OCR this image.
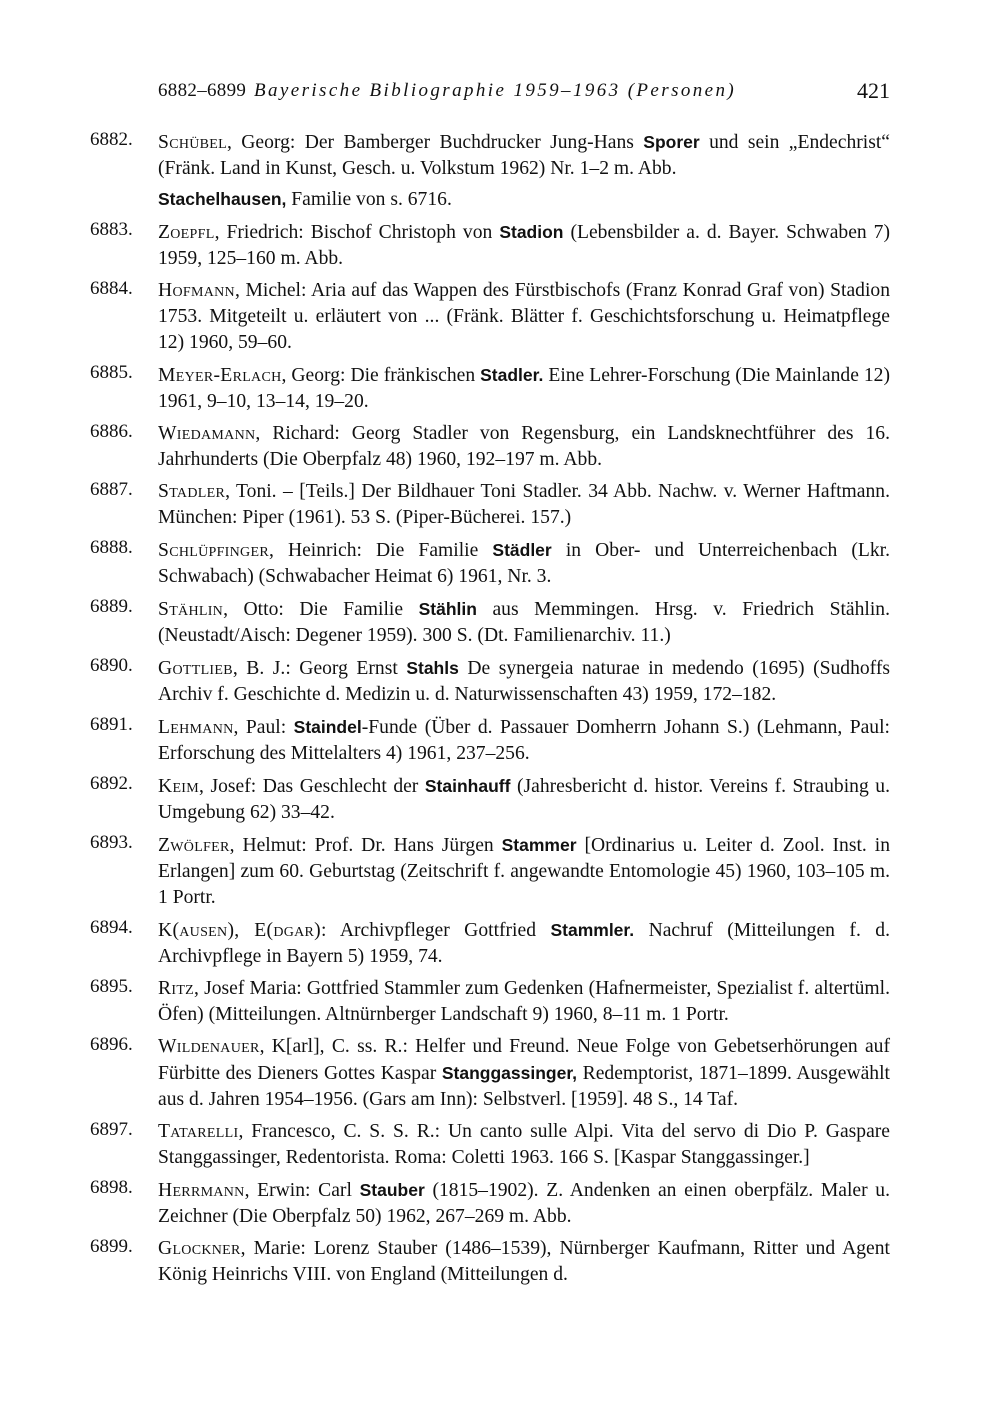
6882–6899 Bayerische Bibliographie 1959–1963 (Personen)	421
6882. Schübel, Georg: Der Bamberger Buchdrucker Jung-Hans Sporer und sein „Endechrist“ (Fränk. Land in Kunst, Gesch. u. Volkstum 1962) Nr. 1–2 m. Abb.
Stachelhausen, Familie von s. 6716.
6883. Zoepfl, Friedrich: Bischof Christoph von Stadion (Lebensbilder a. d. Bayer. Schwaben 7) 1959, 125–160 m. Abb.
6884. Hofmann, Michel: Aria auf das Wappen des Fürstbischofs (Franz Konrad Graf von) Stadion 1753. Mitgeteilt u. erläutert von ... (Fränk. Blätter f. Geschichtsforschung u. Heimatpflege 12) 1960, 59–60.
6885. Meyer-Erlach, Georg: Die fränkischen Stadler. Eine Lehrer-Forschung (Die Mainlande 12) 1961, 9–10, 13–14, 19–20.
6886. Wiedamann, Richard: Georg Stadler von Regensburg, ein Landsknechtführer des 16. Jahrhunderts (Die Oberpfalz 48) 1960, 192–197 m. Abb.
6887. Stadler, Toni. – [Teils.] Der Bildhauer Toni Stadler. 34 Abb. Nachw. v. Werner Haftmann. München: Piper (1961). 53 S. (Piper-Bücherei. 157.)
6888. Schlüpfinger, Heinrich: Die Familie Städler in Ober- und Unterreichenbach (Lkr. Schwabach) (Schwabacher Heimat 6) 1961, Nr. 3.
6889. Stählin, Otto: Die Familie Stählin aus Memmingen. Hrsg. v. Friedrich Stählin. (Neustadt/Aisch: Degener 1959). 300 S. (Dt. Familienarchiv. 11.)
6890. Gottlieb, B. J.: Georg Ernst Stahls De synergeia naturae in medendo (1695) (Sudhoffs Archiv f. Geschichte d. Medizin u. d. Naturwissenschaften 43) 1959, 172–182.
6891. Lehmann, Paul: Staindel-Funde (Über d. Passauer Domherrn Johann S.) (Lehmann, Paul: Erforschung des Mittelalters 4) 1961, 237–256.
6892. Keim, Josef: Das Geschlecht der Stainhauff (Jahresbericht d. histor. Vereins f. Straubing u. Umgebung 62) 33–42.
6893. Zwölfer, Helmut: Prof. Dr. Hans Jürgen Stammer [Ordinarius u. Leiter d. Zool. Inst. in Erlangen] zum 60. Geburtstag (Zeitschrift f. angewandte Entomologie 45) 1960, 103–105 m. 1 Portr.
6894. K(ausen), E(dgar): Archivpfleger Gottfried Stammler. Nachruf (Mitteilungen f. d. Archivpflege in Bayern 5) 1959, 74.
6895. Ritz, Josef Maria: Gottfried Stammler zum Gedenken (Hafnermeister, Spezialist f. altertüml. Öfen) (Mitteilungen. Altnürnberger Landschaft 9) 1960, 8–11 m. 1 Portr.
6896. Wildenauer, K[arl], C. ss. R.: Helfer und Freund. Neue Folge von Gebetserhörungen auf Fürbitte des Dieners Gottes Kaspar Stanggassinger, Redemptorist, 1871–1899. Ausgewählt aus d. Jahren 1954–1956. (Gars am Inn): Selbstverl. [1959]. 48 S., 14 Taf.
6897. Tatarelli, Francesco, C. S. S. R.: Un canto sulle Alpi. Vita del servo di Dio P. Gaspare Stanggassinger, Redentorista. Roma: Coletti 1963. 166 S. [Kaspar Stanggassinger.]
6898. Herrmann, Erwin: Carl Stauber (1815–1902). Z. Andenken an einen oberpfälz. Maler u. Zeichner (Die Oberpfalz 50) 1962, 267–269 m. Abb.
6899. Glockner, Marie: Lorenz Stauber (1486–1539), Nürnberger Kaufmann, Ritter und Agent König Heinrichs VIII. von England (Mitteilungen d.
